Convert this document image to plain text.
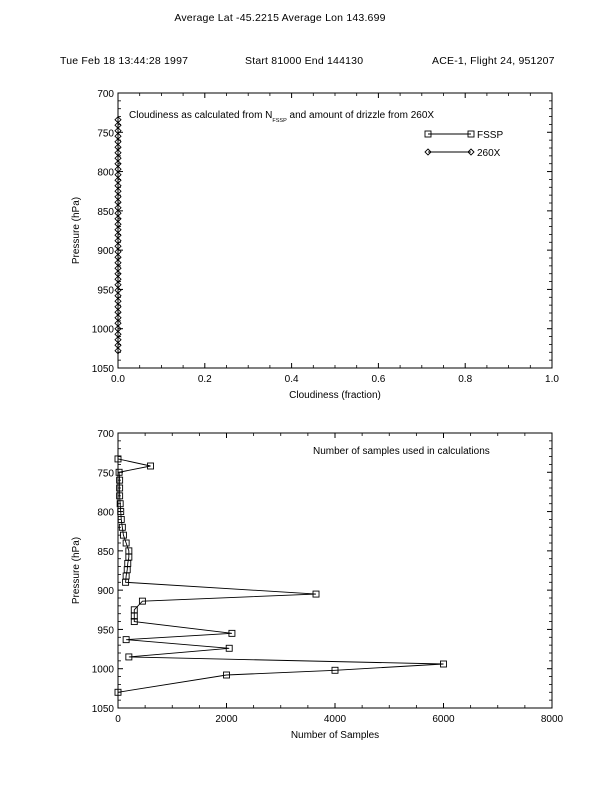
Average Lat -45.2215 Average Lon 143.699
Tue Feb 18 13:44:28 1997	Start 81000 End 144130	ACE-1, Flight 24, 951207
0.0	0.2	0.4	0.6	0.8	1.0
700
750
800
850
900
950
1000
1050
Cloudiness (fraction)
Pressure (hPa)
Cloudiness as calculated from $N_{FSSP}$ and amount of drizzle from 260X
FSSP
260X
0	2000	4000	6000	8000
700
750
800
850
900
950
1000
1050
Number of Samples
Pressure (hPa)
Number of samples used in calculations
